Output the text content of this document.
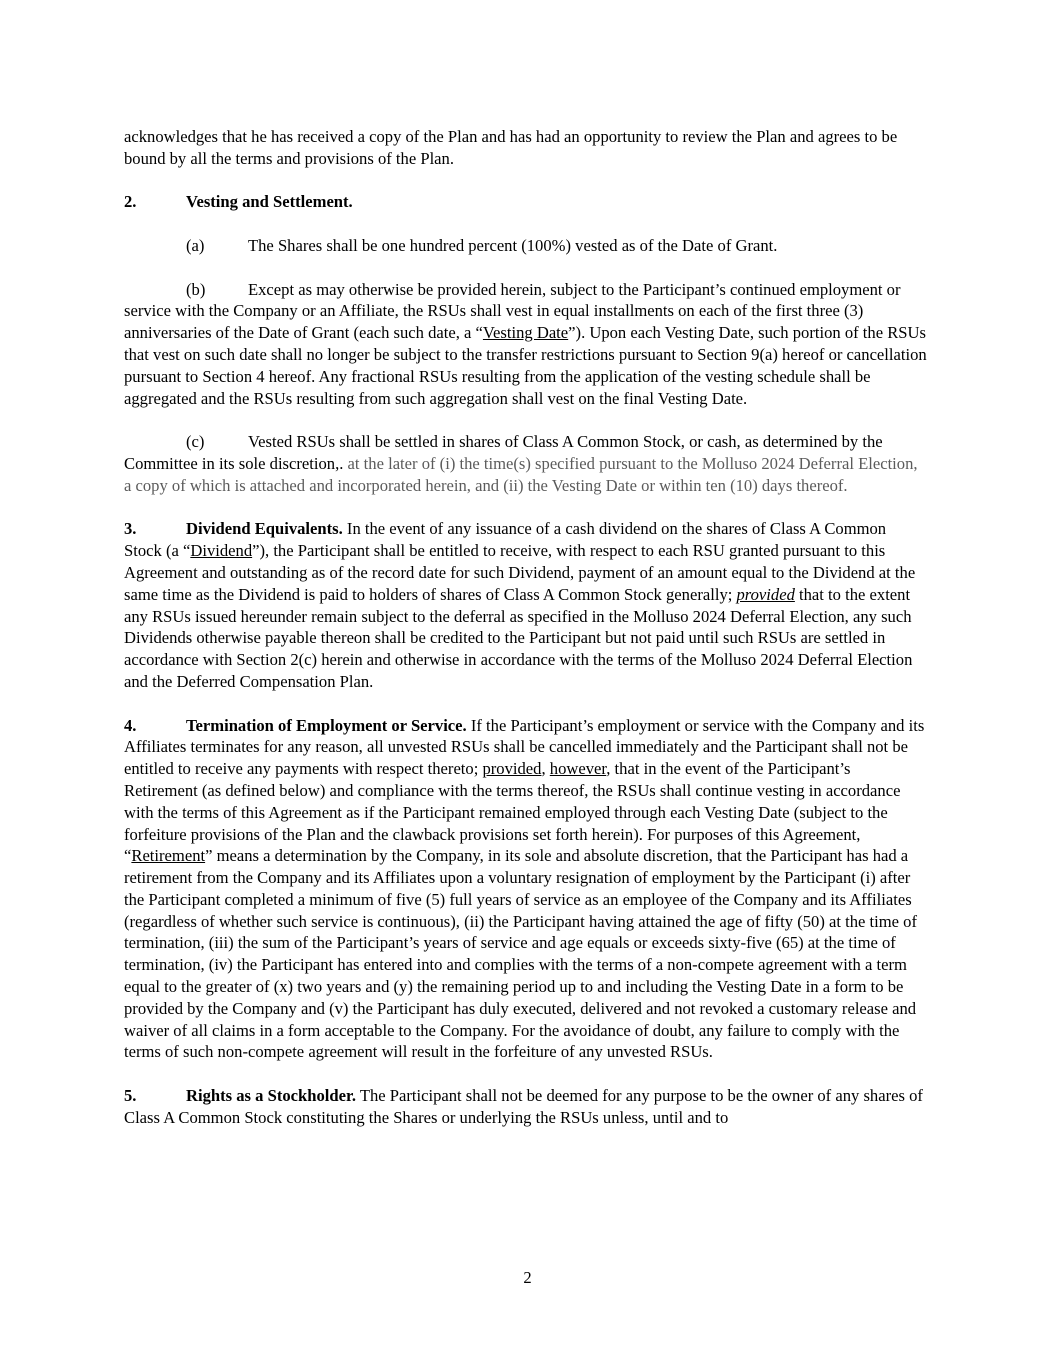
acknowledges that he has received a copy of the Plan and has had an opportunity to review the Plan and agrees to be bound by all the terms and provisions of the Plan.

2.	Vesting and Settlement.

(a)	The Shares shall be one hundred percent (100%) vested as of the Date of Grant.

(b)	Except as may otherwise be provided herein, subject to the Participant’s continued employment or service with the Company or an Affiliate, the RSUs shall vest in equal installments on each of the first three (3) anniversaries of the Date of Grant (each such date, a “Vesting Date”). Upon each Vesting Date, such portion of the RSUs that vest on such date shall no longer be subject to the transfer restrictions pursuant to Section 9(a) hereof or cancellation pursuant to Section 4 hereof. Any fractional RSUs resulting from the application of the vesting schedule shall be aggregated and the RSUs resulting from such aggregation shall vest on the final Vesting Date.

(c)	Vested RSUs shall be settled in shares of Class A Common Stock, or cash, as determined by the Committee in its sole discretion,. at the later of (i) the time(s) specified pursuant to the Molluso 2024 Deferral Election, a copy of which is attached and incorporated herein, and (ii) the Vesting Date or within ten (10) days thereof.

3.	Dividend Equivalents. In the event of any issuance of a cash dividend on the shares of Class A Common Stock (a “Dividend”), the Participant shall be entitled to receive, with respect to each RSU granted pursuant to this Agreement and outstanding as of the record date for such Dividend, payment of an amount equal to the Dividend at the same time as the Dividend is paid to holders of shares of Class A Common Stock generally; provided that to the extent any RSUs issued hereunder remain subject to the deferral as specified in the Molluso 2024 Deferral Election, any such Dividends otherwise payable thereon shall be credited to the Participant but not paid until such RSUs are settled in accordance with Section 2(c) herein and otherwise in accordance with the terms of the Molluso 2024 Deferral Election and the Deferred Compensation Plan.

4.	Termination of Employment or Service. If the Participant’s employment or service with the Company and its Affiliates terminates for any reason, all unvested RSUs shall be cancelled immediately and the Participant shall not be entitled to receive any payments with respect thereto; provided, however, that in the event of the Participant’s Retirement (as defined below) and compliance with the terms thereof, the RSUs shall continue vesting in accordance with the terms of this Agreement as if the Participant remained employed through each Vesting Date (subject to the forfeiture provisions of the Plan and the clawback provisions set forth herein). For purposes of this Agreement, “Retirement” means a determination by the Company, in its sole and absolute discretion, that the Participant has had a retirement from the Company and its Affiliates upon a voluntary resignation of employment by the Participant (i) after the Participant completed a minimum of five (5) full years of service as an employee of the Company and its Affiliates (regardless of whether such service is continuous), (ii) the Participant having attained the age of fifty (50) at the time of termination, (iii) the sum of the Participant’s years of service and age equals or exceeds sixty-five (65) at the time of termination, (iv) the Participant has entered into and complies with the terms of a non-compete agreement with a term equal to the greater of (x) two years and (y) the remaining period up to and including the Vesting Date in a form to be provided by the Company and (v) the Participant has duly executed, delivered and not revoked a customary release and waiver of all claims in a form acceptable to the Company. For the avoidance of doubt, any failure to comply with the terms of such non-compete agreement will result in the forfeiture of any unvested RSUs.

5.	Rights as a Stockholder. The Participant shall not be deemed for any purpose to be the owner of any shares of Class A Common Stock constituting the Shares or underlying the RSUs unless, until and to

2
